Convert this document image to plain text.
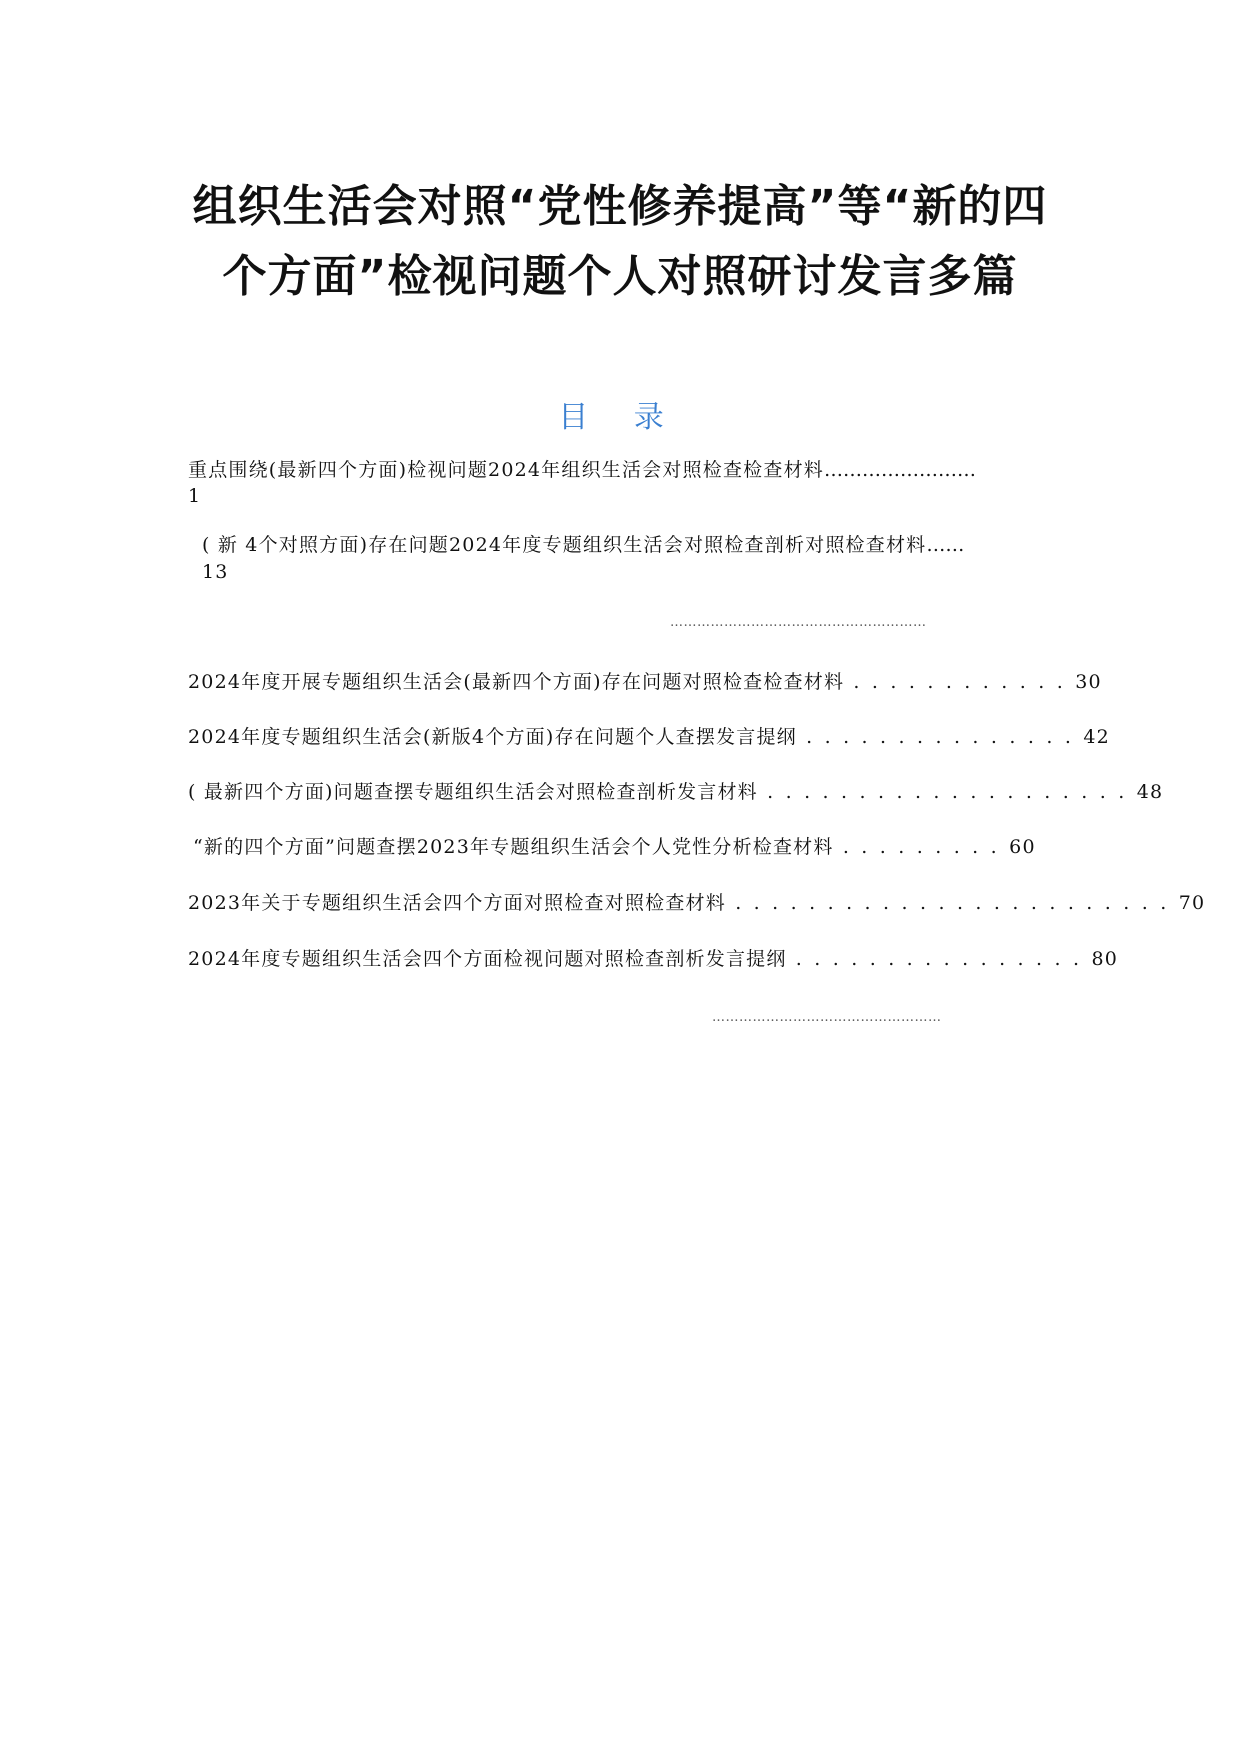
组织生活会对照“党性修养提高”等“新的四
个方面”检视问题个人对照研讨发言多篇
目 录
重点围绕(最新四个方面)检视问题2024年组织生活会对照检查检查材料……………………
1
( 新 4个对照方面)存在问题2024年度专题组织生活会对照检查剖析对照检查材料……
13
…………………………………………………
2024年度开展专题组织生活会(最新四个方面)存在问题对照检查检查材料 . . . . . . . . . . . . 30
2024年度专题组织生活会(新版4个方面)存在问题个人查摆发言提纲 . . . . . . . . . . . . . . . 42
( 最新四个方面)问题查摆专题组织生活会对照检查剖析发言材料 . . . . . . . . . . . . . . . . . . . . 48
“新的四个方面”问题查摆2023年专题组织生活会个人党性分析检查材料 . . . . . . . . . 60
2023年关于专题组织生活会四个方面对照检查对照检查材料 . . . . . . . . . . . . . . . . . . . . . . . . 70
2024年度专题组织生活会四个方面检视问题对照检查剖析发言提纲 . . . . . . . . . . . . . . . . 80
……………………………………………
